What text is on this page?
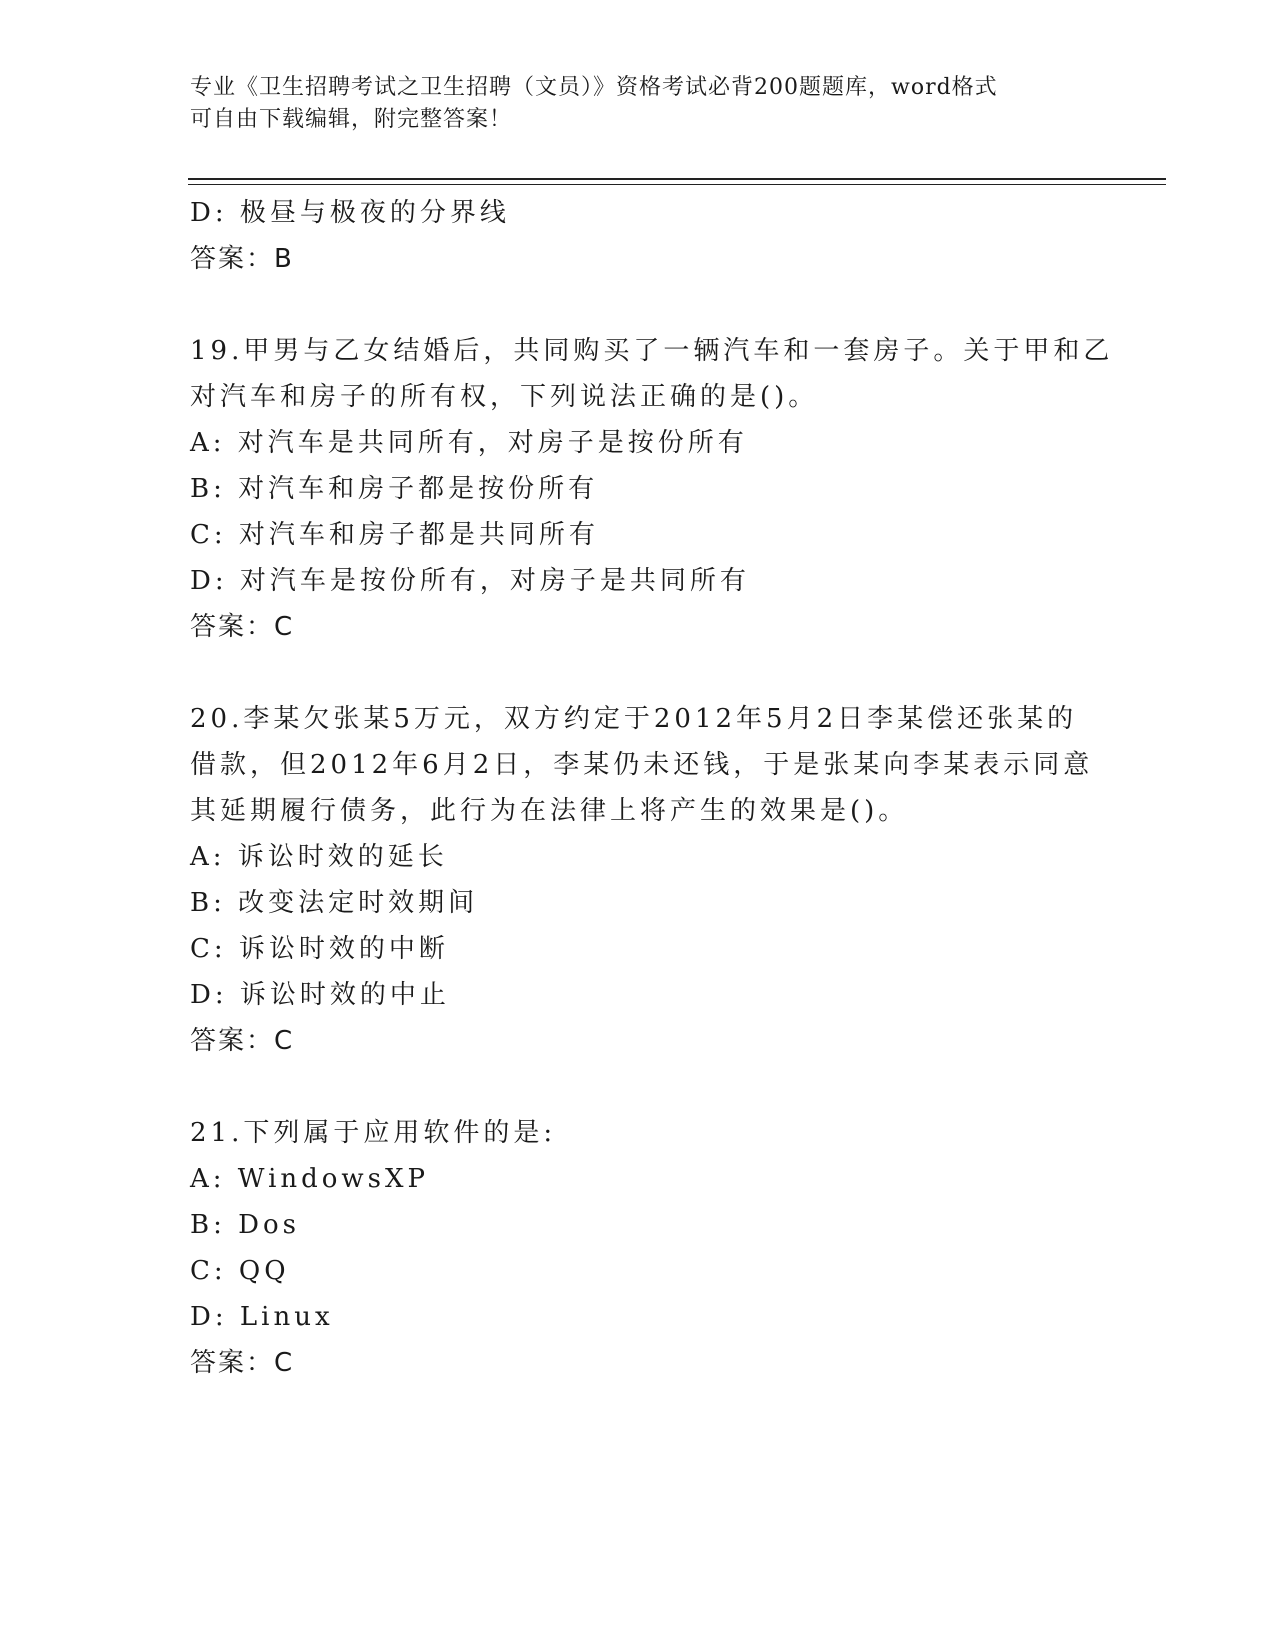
专业《卫生招聘考试之卫生招聘（文员）》资格考试必背200题题库，word格式
可自由下载编辑，附完整答案！
D: 极昼与极夜的分界线
答案：B
19.甲男与乙女结婚后，共同购买了一辆汽车和一套房子。关于甲和乙
对汽车和房子的所有权，下列说法正确的是()。
A: 对汽车是共同所有，对房子是按份所有
B: 对汽车和房子都是按份所有
C: 对汽车和房子都是共同所有
D: 对汽车是按份所有，对房子是共同所有
答案：C
20.李某欠张某5万元，双方约定于2012年5月2日李某偿还张某的
借款，但2012年6月2日，李某仍未还钱，于是张某向李某表示同意
其延期履行债务，此行为在法律上将产生的效果是()。
A: 诉讼时效的延长
B: 改变法定时效期间
C: 诉讼时效的中断
D: 诉讼时效的中止
答案：C
21.下列属于应用软件的是:
A: WindowsXP
B: Dos
C: QQ
D: Linux
答案：C
